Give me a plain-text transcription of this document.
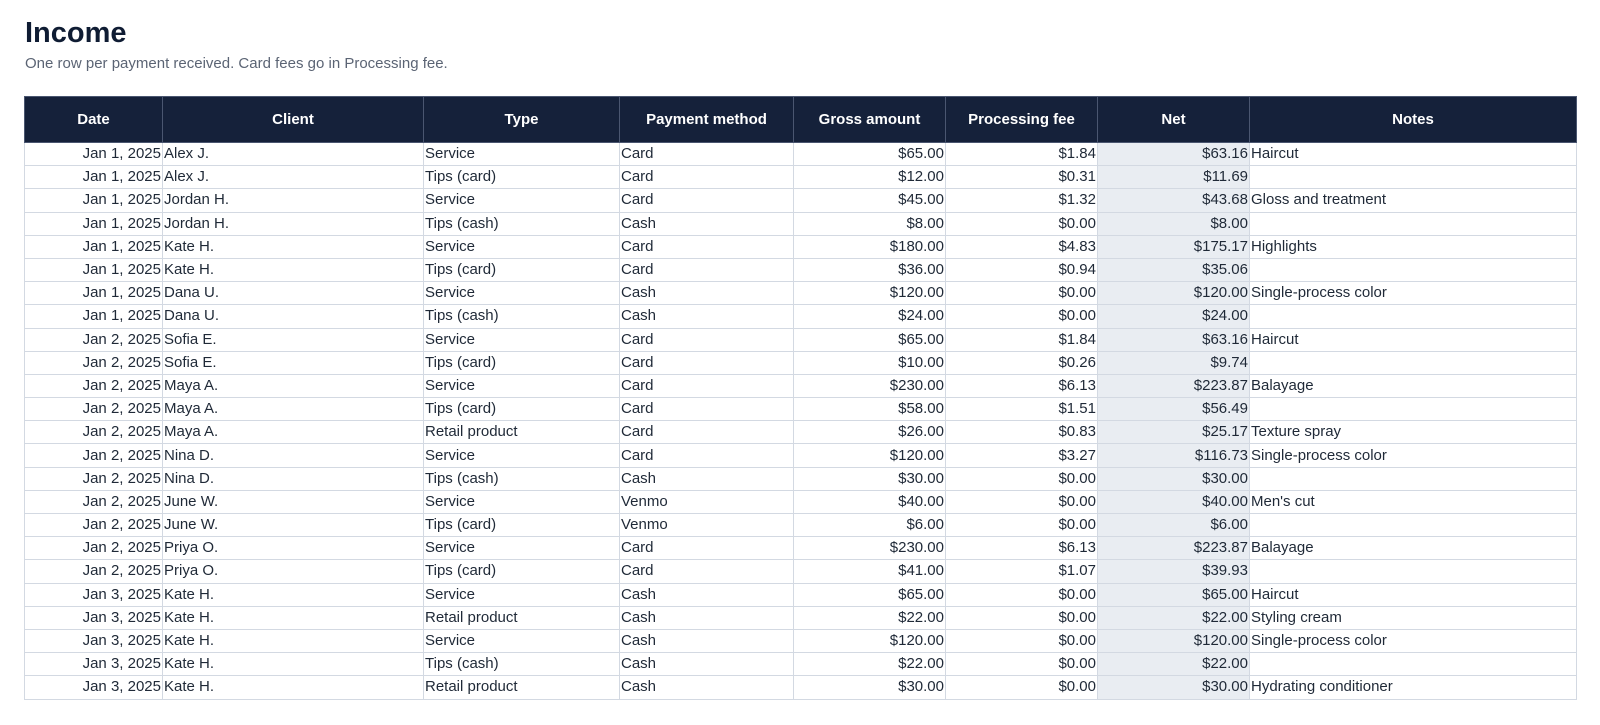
Income
One row per payment received. Card fees go in Processing fee.
Date	Client	Type	Payment method	Gross amount	Processing fee	Net	Notes
Jan 1, 2025	Alex J.	Service	Card	$65.00	$1.84	$63.16	Haircut
Jan 1, 2025	Alex J.	Tips (card)	Card	$12.00	$0.31	$11.69	
Jan 1, 2025	Jordan H.	Service	Card	$45.00	$1.32	$43.68	Gloss and treatment
Jan 1, 2025	Jordan H.	Tips (cash)	Cash	$8.00	$0.00	$8.00	
Jan 1, 2025	Kate H.	Service	Card	$180.00	$4.83	$175.17	Highlights
Jan 1, 2025	Kate H.	Tips (card)	Card	$36.00	$0.94	$35.06	
Jan 1, 2025	Dana U.	Service	Cash	$120.00	$0.00	$120.00	Single-process color
Jan 1, 2025	Dana U.	Tips (cash)	Cash	$24.00	$0.00	$24.00	
Jan 2, 2025	Sofia E.	Service	Card	$65.00	$1.84	$63.16	Haircut
Jan 2, 2025	Sofia E.	Tips (card)	Card	$10.00	$0.26	$9.74	
Jan 2, 2025	Maya A.	Service	Card	$230.00	$6.13	$223.87	Balayage
Jan 2, 2025	Maya A.	Tips (card)	Card	$58.00	$1.51	$56.49	
Jan 2, 2025	Maya A.	Retail product	Card	$26.00	$0.83	$25.17	Texture spray
Jan 2, 2025	Nina D.	Service	Card	$120.00	$3.27	$116.73	Single-process color
Jan 2, 2025	Nina D.	Tips (cash)	Cash	$30.00	$0.00	$30.00	
Jan 2, 2025	June W.	Service	Venmo	$40.00	$0.00	$40.00	Men's cut
Jan 2, 2025	June W.	Tips (card)	Venmo	$6.00	$0.00	$6.00	
Jan 2, 2025	Priya O.	Service	Card	$230.00	$6.13	$223.87	Balayage
Jan 2, 2025	Priya O.	Tips (card)	Card	$41.00	$1.07	$39.93	
Jan 3, 2025	Kate H.	Service	Cash	$65.00	$0.00	$65.00	Haircut
Jan 3, 2025	Kate H.	Retail product	Cash	$22.00	$0.00	$22.00	Styling cream
Jan 3, 2025	Kate H.	Service	Cash	$120.00	$0.00	$120.00	Single-process color
Jan 3, 2025	Kate H.	Tips (cash)	Cash	$22.00	$0.00	$22.00	
Jan 3, 2025	Kate H.	Retail product	Cash	$30.00	$0.00	$30.00	Hydrating conditioner
